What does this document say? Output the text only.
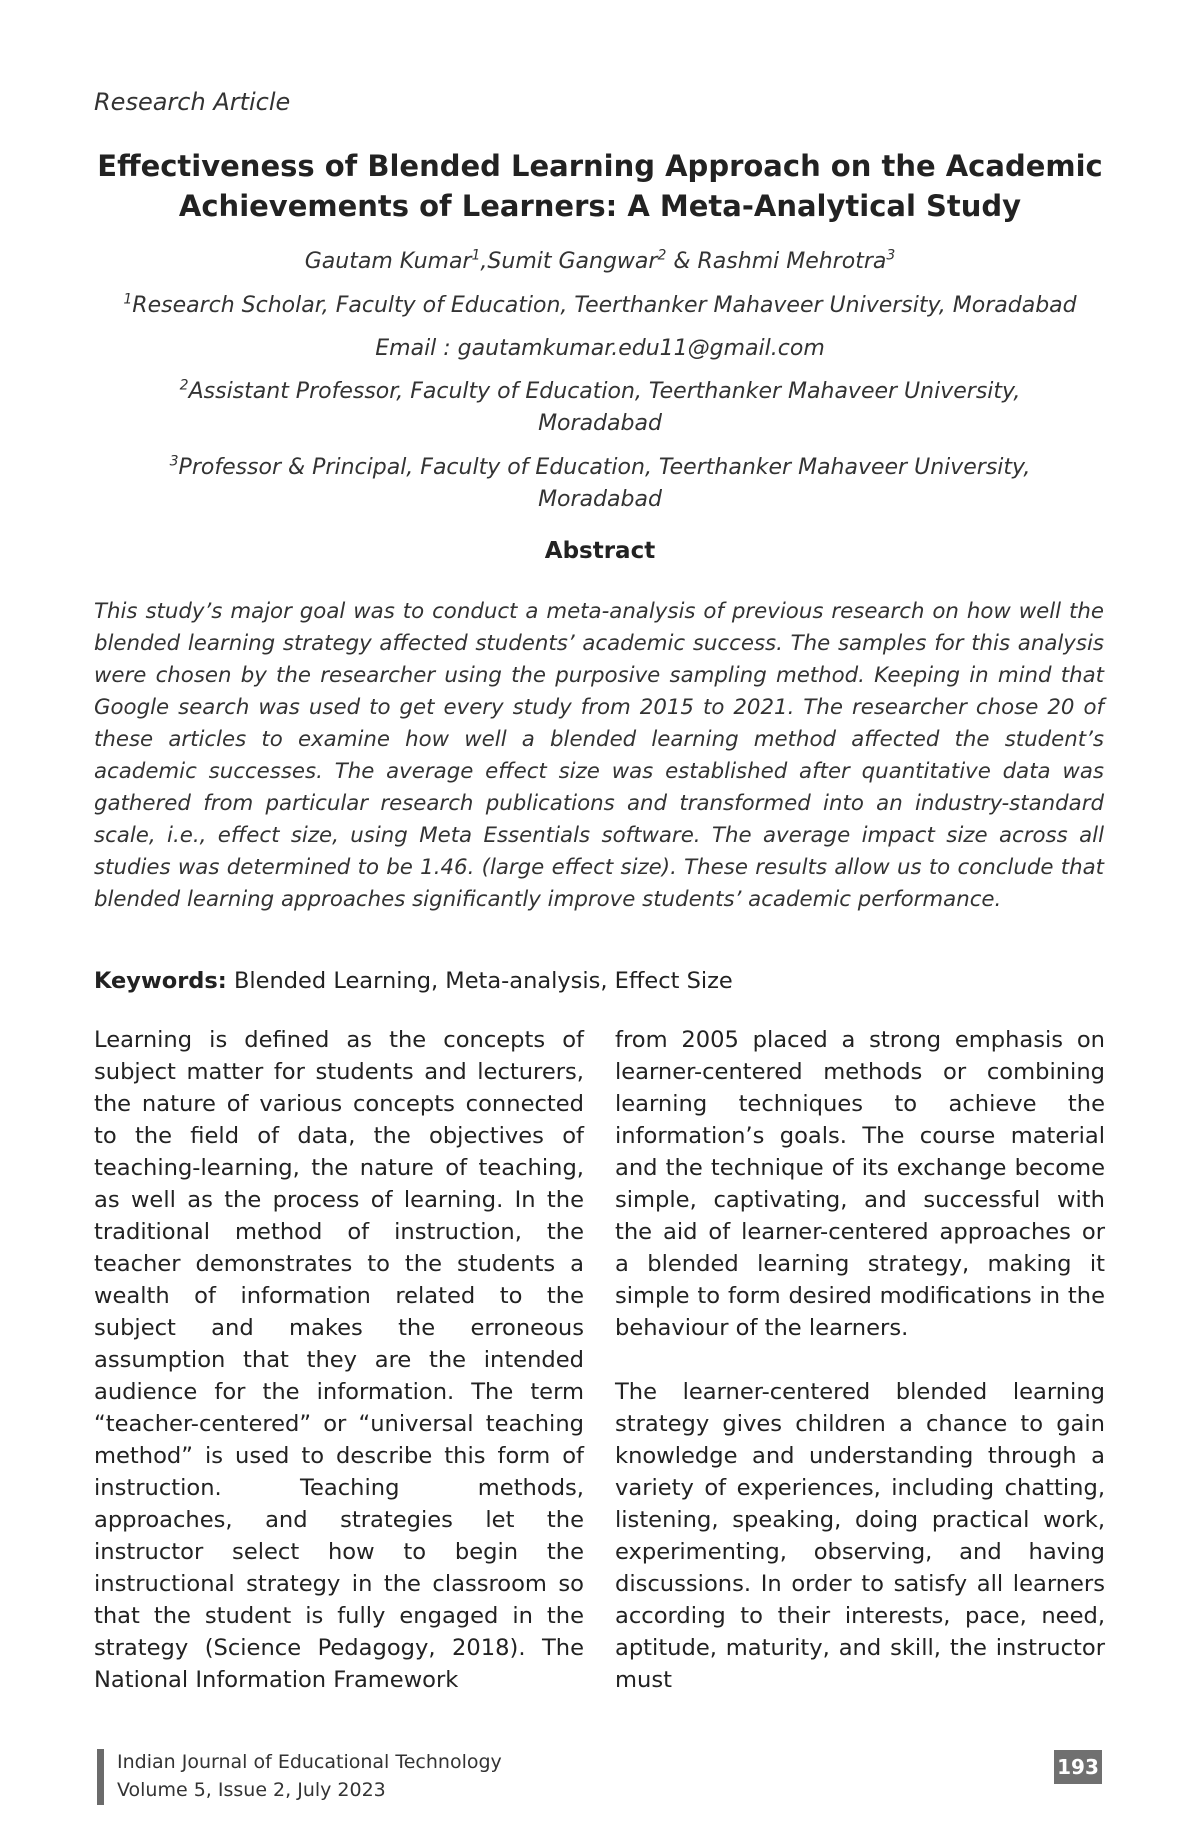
Research Article
Effectiveness of Blended Learning Approach on the Academic
Achievements of Learners: A Meta-Analytical Study
Gautam Kumar$^1$,Sumit Gangwar$^2$ & Rashmi Mehrotra$^3$
$^1$Research Scholar, Faculty of Education, Teerthanker Mahaveer University, Moradabad
Email : gautamkumar.edu11@gmail.com
$^2$Assistant Professor, Faculty of Education, Teerthanker Mahaveer University,
Moradabad
$^3$Professor & Principal, Faculty of Education, Teerthanker Mahaveer University,
Moradabad
Abstract
This study’s major goal was to conduct a meta-analysis of previous research on how well the blended learning strategy affected students’ academic success. The samples for this analysis were chosen by the researcher using the purposive sampling method. Keeping in mind that Google search was used to get every study from 2015 to 2021. The researcher chose 20 of these articles to examine how well a blended learning method affected the student’s academic successes. The average effect size was established after quantitative data was gathered from particular research publications and transformed into an industry-standard scale, i.e., effect size, using Meta Essentials software. The average impact size across all studies was determined to be 1.46. (large effect size). These results allow us to conclude that blended learning approaches significantly improve students’ academic performance.
Keywords: Blended Learning, Meta-analysis, Effect Size

Learning is defined as the concepts of subject matter for students and lecturers, the nature of various concepts connected to the field of data, the objectives of teaching-learning, the nature of teaching, as well as the process of learning. In the traditional method of instruction, the teacher demonstrates to the students a wealth of information related to the subject and makes the erroneous assumption that they are the intended audience for the information. The term “teacher-centered” or “universal teaching method” is used to describe this form of instruction. Teaching methods, approaches, and strategies let the instructor select how to begin the instructional strategy in the classroom so that the student is fully engaged in the strategy (Science Pedagogy, 2018). The National Information Framework

from 2005 placed a strong emphasis on learner-centered methods or combining learning techniques to achieve the information’s goals. The course material and the technique of its exchange become simple, captivating, and successful with the aid of learner-centered approaches or a blended learning strategy, making it simple to form desired modifications in the behaviour of the learners.

The learner-centered blended learning strategy gives children a chance to gain knowledge and understanding through a variety of experiences, including chatting, listening, speaking, doing practical work, experimenting, observing, and having discussions. In order to satisfy all learners according to their interests, pace, need, aptitude, maturity, and skill, the instructor must

Indian Journal of Educational Technology
Volume 5, Issue 2, July 2023
193
